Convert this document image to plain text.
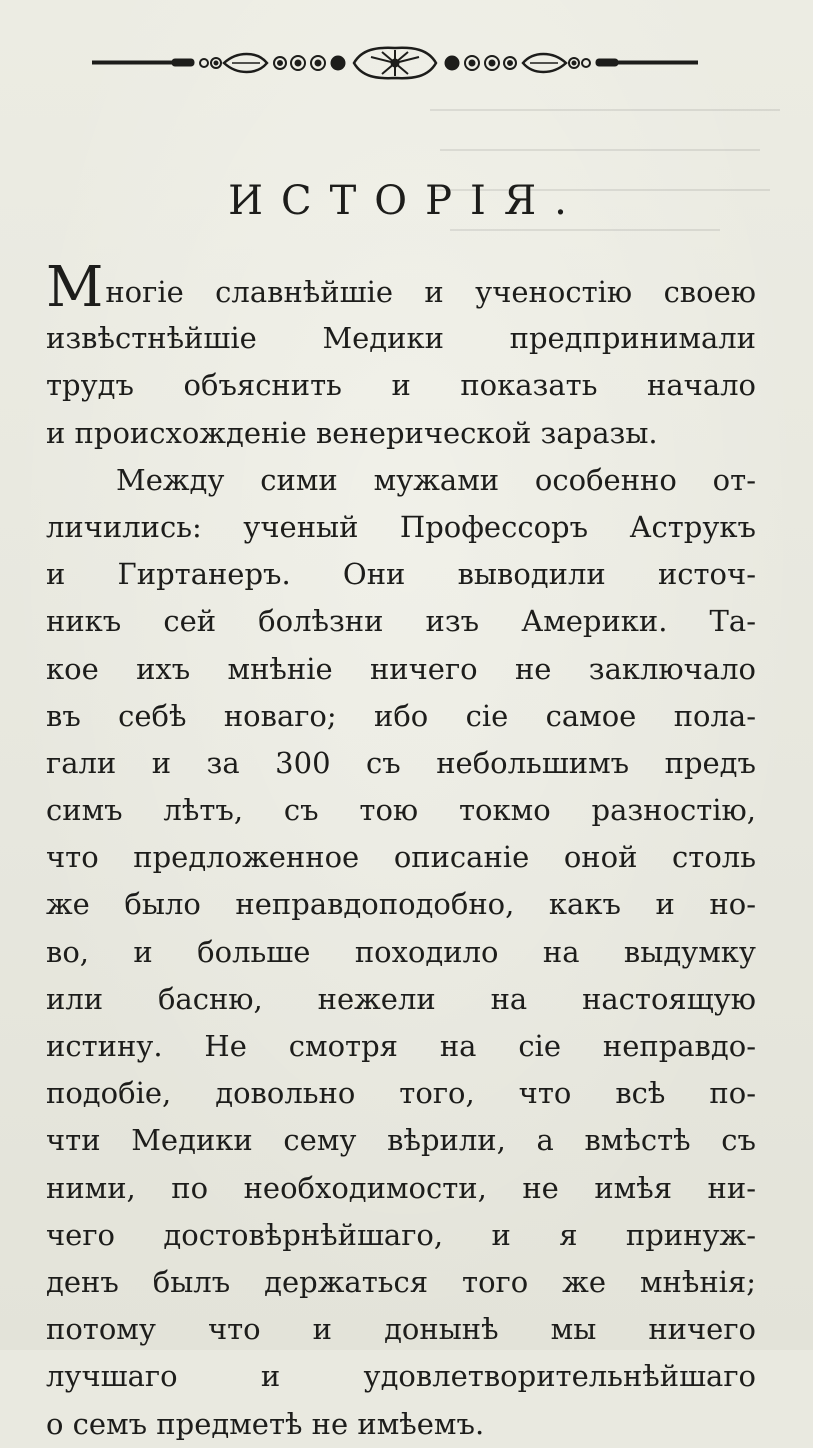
ИСТОРІЯ.
Многіе славнѣйшіе и ученостію своею
извѣстнѣйшіе Медики предпринимали
трудъ объяснить и показать начало
и происхожденіе венерической заразы.
Между сими мужами особенно от-
личились: ученый Профессоръ Аструкъ
и Гиртанеръ. Они выводили источ-
никъ сей болѣзни изъ Америки. Та-
кое ихъ мнѣніе ничего не заключало
въ себѣ новаго; ибо сіе самое пола-
гали и за 300 съ небольшимъ предъ
симъ лѣтъ, съ тою токмо разностію,
что предложенное описаніе оной столь
же было неправдоподобно, какъ и но-
во, и больше походило на выдумку
или басню, нежели на настоящую
истину. Не смотря на сіе неправдо-
подобіе, довольно того, что всѣ по-
чти Медики сему вѣрили, а вмѣстѣ съ
ними, по необходимости, не имѣя ни-
чего достовѣрнѣйшаго, и я принуж-
денъ былъ держаться того же мнѣнія;
потому что и донынѣ мы ничего
лучшаго и удовлетворительнѣйшаго
о семъ предметѣ не имѣемъ.
